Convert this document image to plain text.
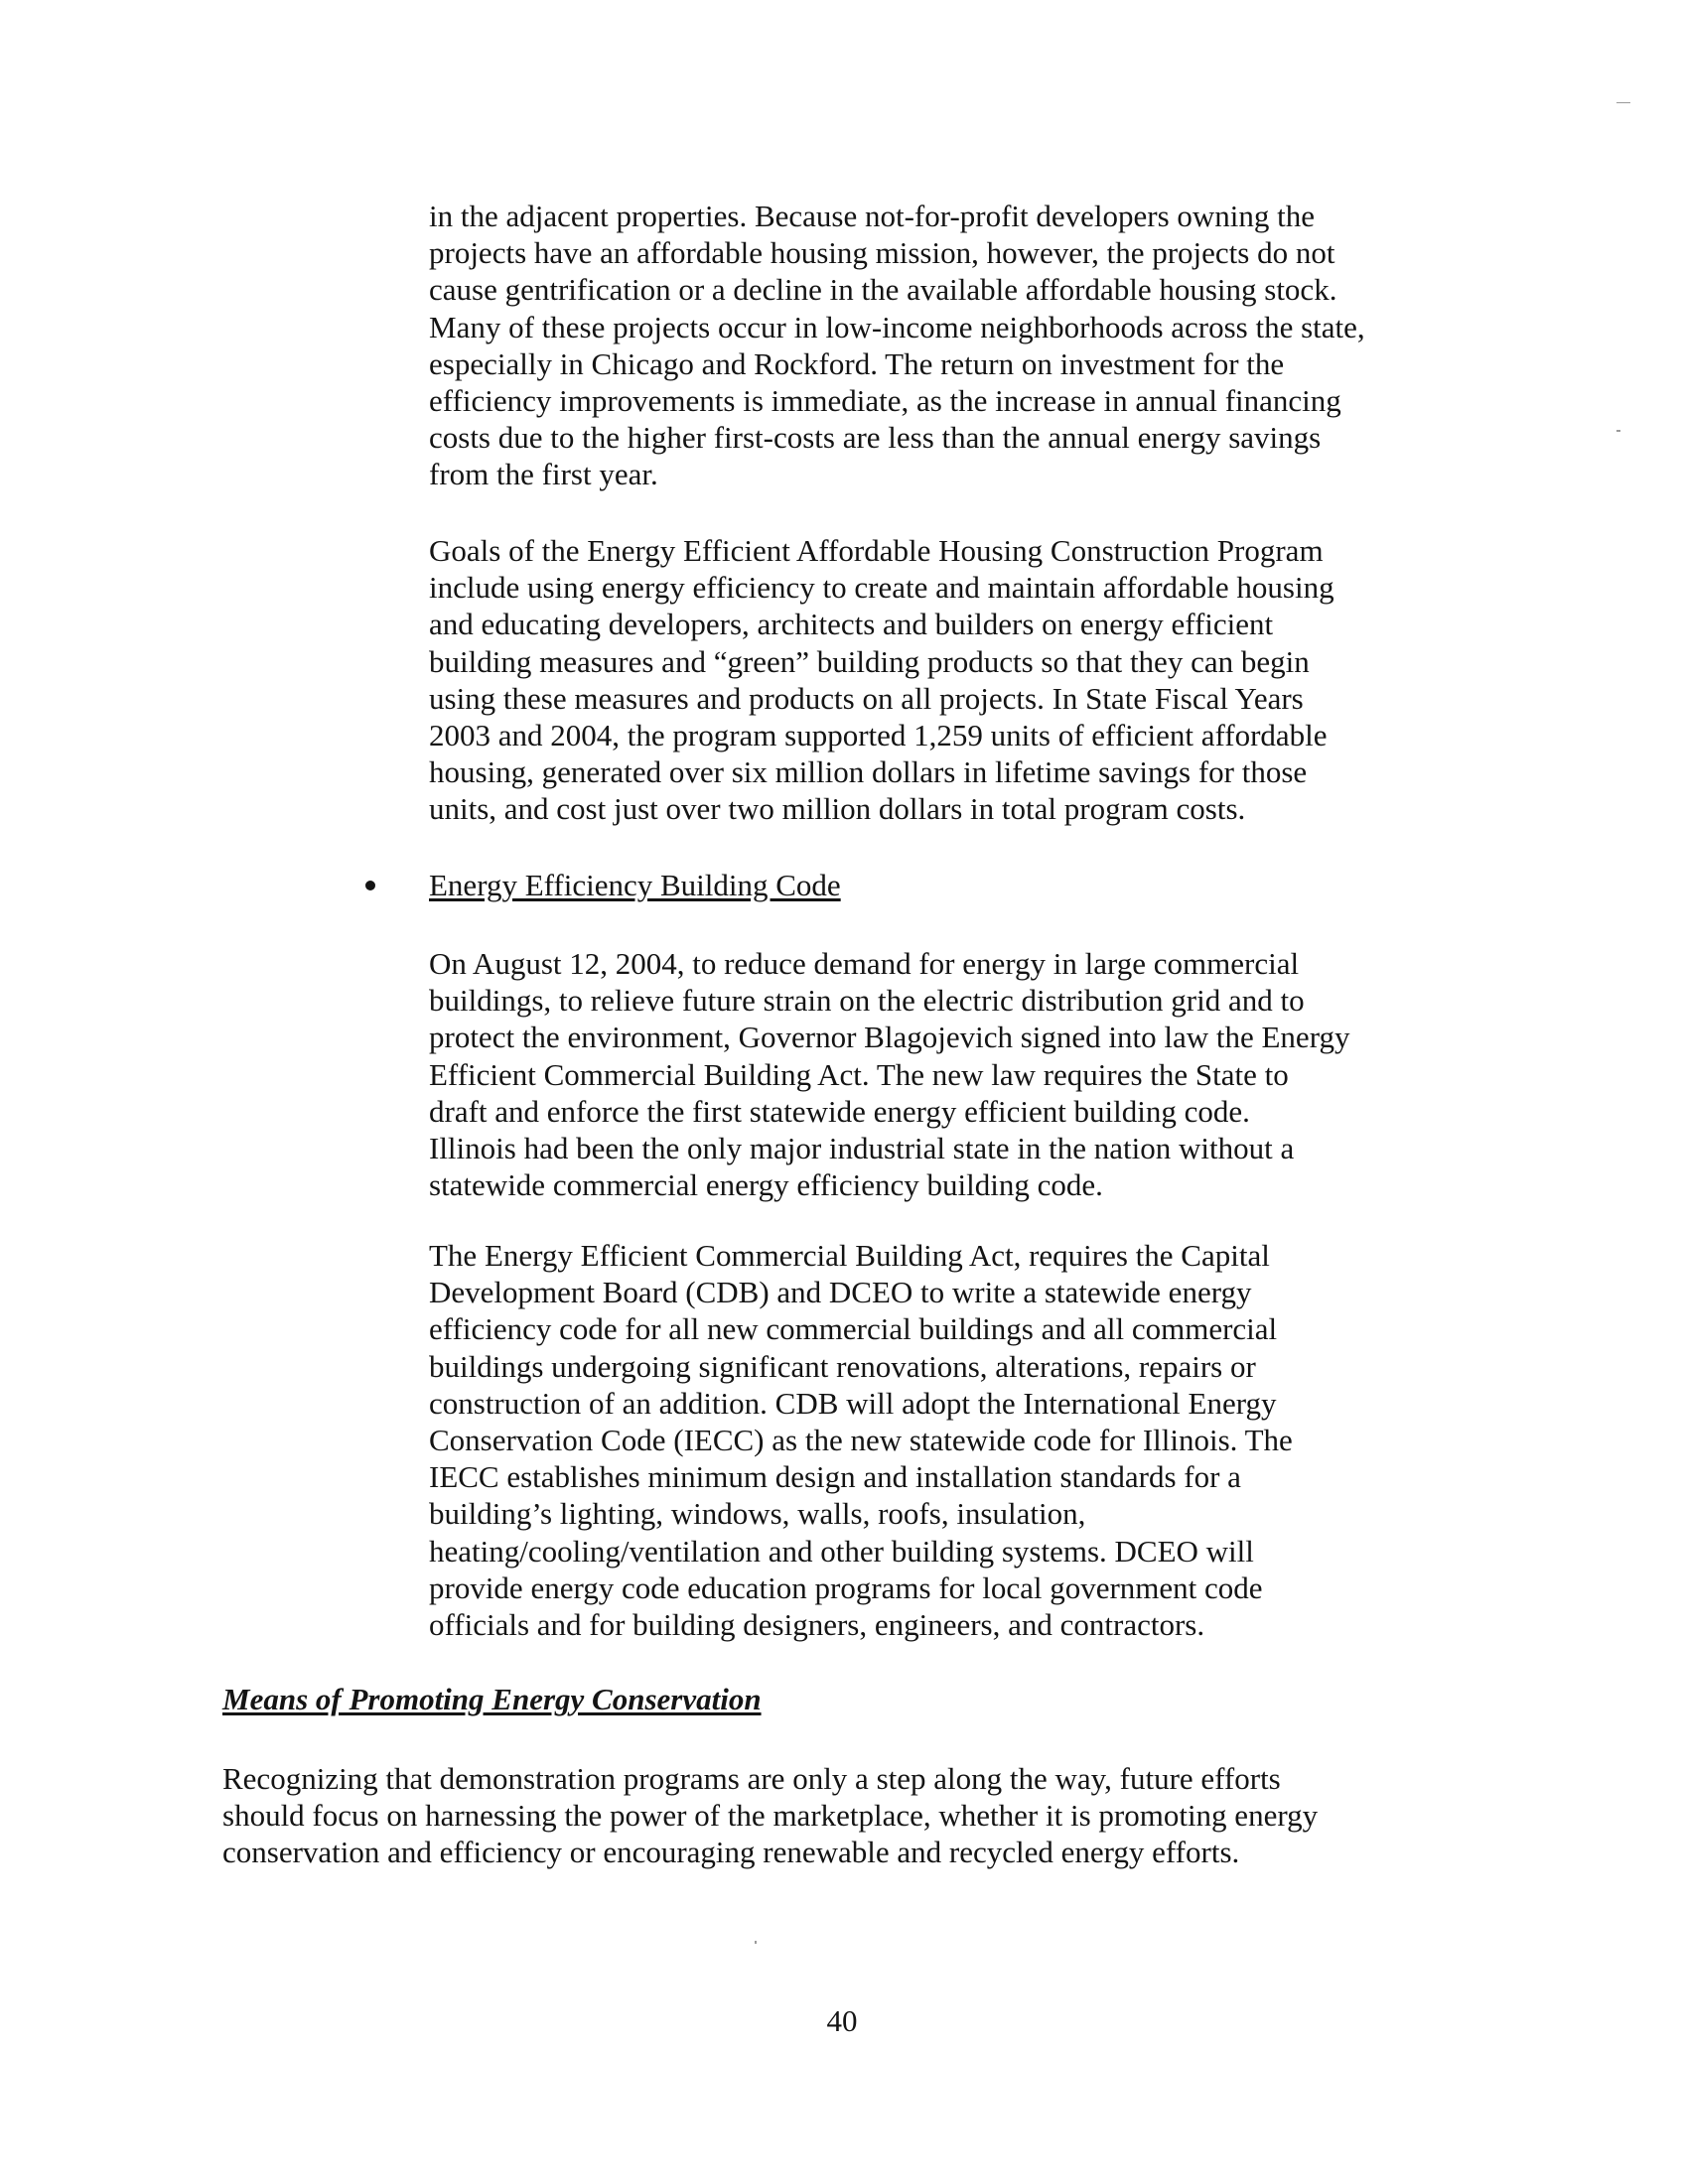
in the adjacent properties. Because not-for-profit developers owning the
projects have an affordable housing mission, however, the projects do not
cause gentrification or a decline in the available affordable housing stock.
Many of these projects occur in low-income neighborhoods across the state,
especially in Chicago and Rockford. The return on investment for the
efficiency improvements is immediate, as the increase in annual financing
costs due to the higher first-costs are less than the annual energy savings
from the first year.

Goals of the Energy Efficient Affordable Housing Construction Program
include using energy efficiency to create and maintain affordable housing
and educating developers, architects and builders on energy efficient
building measures and “green” building products so that they can begin
using these measures and products on all projects. In State Fiscal Years
2003 and 2004, the program supported 1,259 units of efficient affordable
housing, generated over six million dollars in lifetime savings for those
units, and cost just over two million dollars in total program costs.

Energy Efficiency Building Code

On August 12, 2004, to reduce demand for energy in large commercial
buildings, to relieve future strain on the electric distribution grid and to
protect the environment, Governor Blagojevich signed into law the Energy
Efficient Commercial Building Act. The new law requires the State to
draft and enforce the first statewide energy efficient building code.
Illinois had been the only major industrial state in the nation without a
statewide commercial energy efficiency building code.

The Energy Efficient Commercial Building Act, requires the Capital
Development Board (CDB) and DCEO to write a statewide energy
efficiency code for all new commercial buildings and all commercial
buildings undergoing significant renovations, alterations, repairs or
construction of an addition. CDB will adopt the International Energy
Conservation Code (IECC) as the new statewide code for Illinois. The
IECC establishes minimum design and installation standards for a
building’s lighting, windows, walls, roofs, insulation,
heating/cooling/ventilation and other building systems. DCEO will
provide energy code education programs for local government code
officials and for building designers, engineers, and contractors.

Means of Promoting Energy Conservation

Recognizing that demonstration programs are only a step along the way, future efforts
should focus on harnessing the power of the marketplace, whether it is promoting energy
conservation and efficiency or encouraging renewable and recycled energy efforts.

40
